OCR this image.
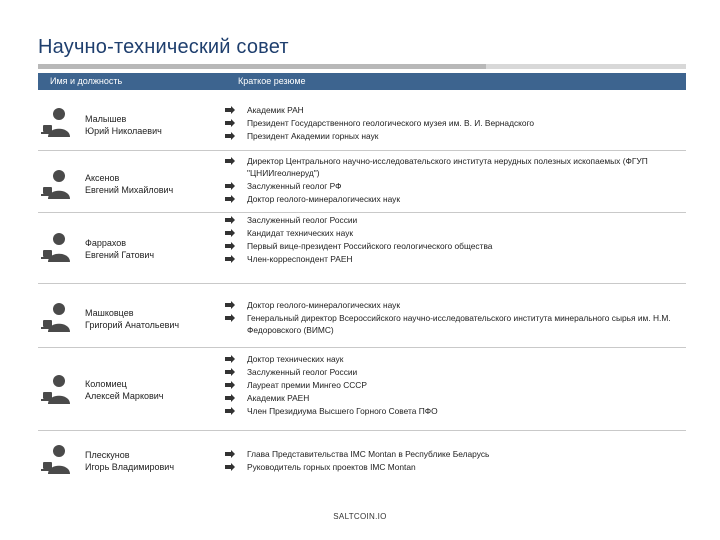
Научно-технический совет
Имя и должность	Краткое резюме
Малышев
Юрий Николаевич
Академик РАН
Президент Государственного геологического музея им. В. И. Вернадского
Президент Академии горных наук
Аксенов
Евгений Михайлович
Директор Центрального научно-исследовательского института нерудных полезных ископаемых (ФГУП "ЦНИИгеолнеруд")
Заслуженный геолог РФ
Доктор геолого-минералогических наук
Фаррахов
Евгений Гатович
Заслуженный геолог России
Кандидат технических наук
Первый вице-президент Российского геологического общества
Член-корреспондент РАЕН
Машковцев
Григорий Анатольевич
Доктор геолого-минералогических наук
Генеральный директор Всероссийского научно-исследовательского института минерального сырья им. Н.М. Федоровского (ВИМС)
Коломиец
Алексей Маркович
Доктор технических наук
Заслуженный геолог России
Лауреат премии Мингео СССР
Академик РАЕН
Член Президиума Высшего Горного Совета ПФО
Плескунов
Игорь Владимирович
Глава Представительства IMC Montan в Республике Беларусь
Руководитель горных проектов IMC Montan
SALTCOIN.IO
